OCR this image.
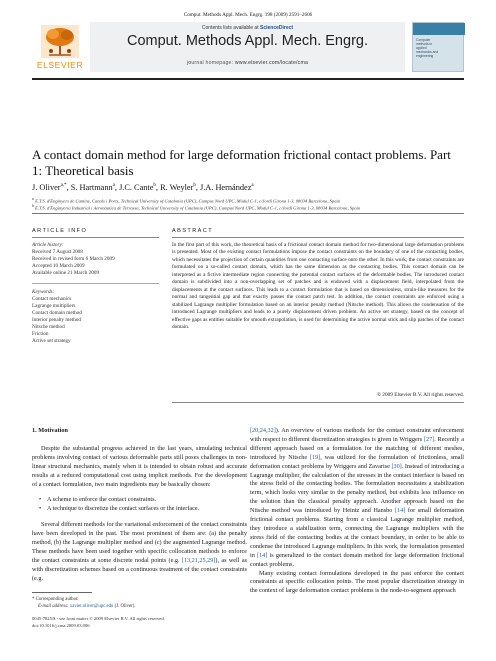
Comput. Methods Appl. Mech. Engrg. 198 (2009) 2591–2606
ELSEVIER
Contents lists available at ScienceDirect
Comput. Methods Appl. Mech. Engrg.
journal homepage: www.elsevier.com/locate/cma
Computer
methods in
applied
mechanics and
engineering
A contact domain method for large deformation frictional contact problems. Part 1: Theoretical basis
J. Oliver$^{a,*}$, S. Hartmann$^a$, J.C. Cante$^b$, R. Weyler$^b$, J.A. Hernández$^a$
$^a$ E.T.S. d'Enginyers de Camins, Canals i Ports, Technical University of Catalonia (UPC), Campus Nord UPC, Mòdul C-1, c/Jordi Girona 1-3, 08034 Barcelona, Spain
$^b$ E.T.S. d'Enginyeria Industrial i Aeronàutica de Terrassa, Technical University of Catalonia (UPC), Campus Nord UPC, Mòdul C-1, c/Jordi Girona 1-3, 08034 Barcelona, Spain
ARTICLE INFO	ABSTRACT
Article history:
Received 7 August 2008
Received in revised form 6 March 2009
Accepted 10 March 2009
Available online 21 March 2009
Keywords:
Contact mechanics
Lagrange multipliers
Contact domain method
Interior penalty method
Nitsche method
Friction
Active set strategy
In the first part of this work, the theoretical basis of a frictional contact domain method for two-dimensional large deformation problems is presented. Most of the existing contact formulations impose the contact constraints on the boundary of one of the contacting bodies, which necessitates the projection of certain quantities from one contacting surface onto the other. In this work, the contact constraints are formulated on a so-called contact domain, which has the same dimension as the contacting bodies. This contact domain can be interpreted as a fictive intermediate region connecting the potential contact surfaces of the deformable bodies. The introduced contact domain is subdivided into a non-overlapping set of patches and is endowed with a displacement field, interpolated from the displacements at the contact surfaces. This leads to a contact formulation that is based on dimensionless, strain-like measures for the normal and tangential gap and that exactly passes the contact patch test. In addition, the contact constraints are enforced using a stabilized Lagrange multiplier formulation based on an interior penalty method (Nitsche method). This allows the condensation of the introduced Lagrange multipliers and leads to a purely displacement driven problem. An active set strategy, based on the concept of effective gaps as entities suitable for smooth extrapolation, is used for determining the active normal stick and slip patches of the contact domain.
© 2009 Elsevier B.V. All rights reserved.
1. Motivation

Despite the substantial progress achieved in the last years, simulating technical problems involving contact of various deformable parts still poses challenges in non-linear structural mechanics, mainly when it is intended to obtain robust and accurate results at a reduced computational cost using implicit methods. For the development of a contact formulation, two main ingredients may be basically chosen:

• A scheme to enforce the contact constraints.
• A technique to discretize the contact surfaces or the interface.

Several different methods for the variational enforcement of the contact constraints have been developed in the past. The most prominent of them are: (a) the penalty method, (b) the Lagrange multiplier method and (c) the augmented Lagrange method. These methods have been used together with specific collocation methods to enforce the contact constraints at some discrete nodal points (e.g. [13,21,25,29]), as well as with discretization schemes based on a continuous treatment of the contact constraints (e.g.

[20,24,32]). An overview of various methods for the contact constraint enforcement with respect to different discretization strategies is given in Wriggers [27]. Recently a different approach based on a formulation for the matching of different meshes, introduced by Nitsche [19], was utilized for the formulation of frictionless, small deformation contact problems by Wriggers and Zavarise [30]. Instead of introducing a Lagrange multiplier, the calculation of the stresses in the contact interface is based on the stress field of the contacting bodies. The formulation necessitates a stabilization term, which looks very similar to the penalty method, but exhibits less influence on the solution than the classical penalty approach. Another approach based on the Nitsche method was introduced by Heintz and Hansbo [14] for small deformation frictional contact problems. Starting from a classical Lagrange multiplier method, they introduce a stabilization term, connecting the Lagrange multipliers with the stress field of the contacting bodies at the contact boundary, in order to be able to condense the introduced Lagrange multipliers. In this work, the formulation presented in [14] is generalized to the contact domain method for large deformation frictional contact problems.

Many existing contact formulations developed in the past enforce the contact constraints at specific collocation points. The most popular discretization strategy in the context of large deformation contact problems is the node-to-segment approach

* Corresponding author.
E-mail address: xavier.oliver@upc.edu (J. Oliver).
0045-7825/$ - see front matter © 2009 Elsevier B.V. All rights reserved.
doi:10.1016/j.cma.2009.03.006
